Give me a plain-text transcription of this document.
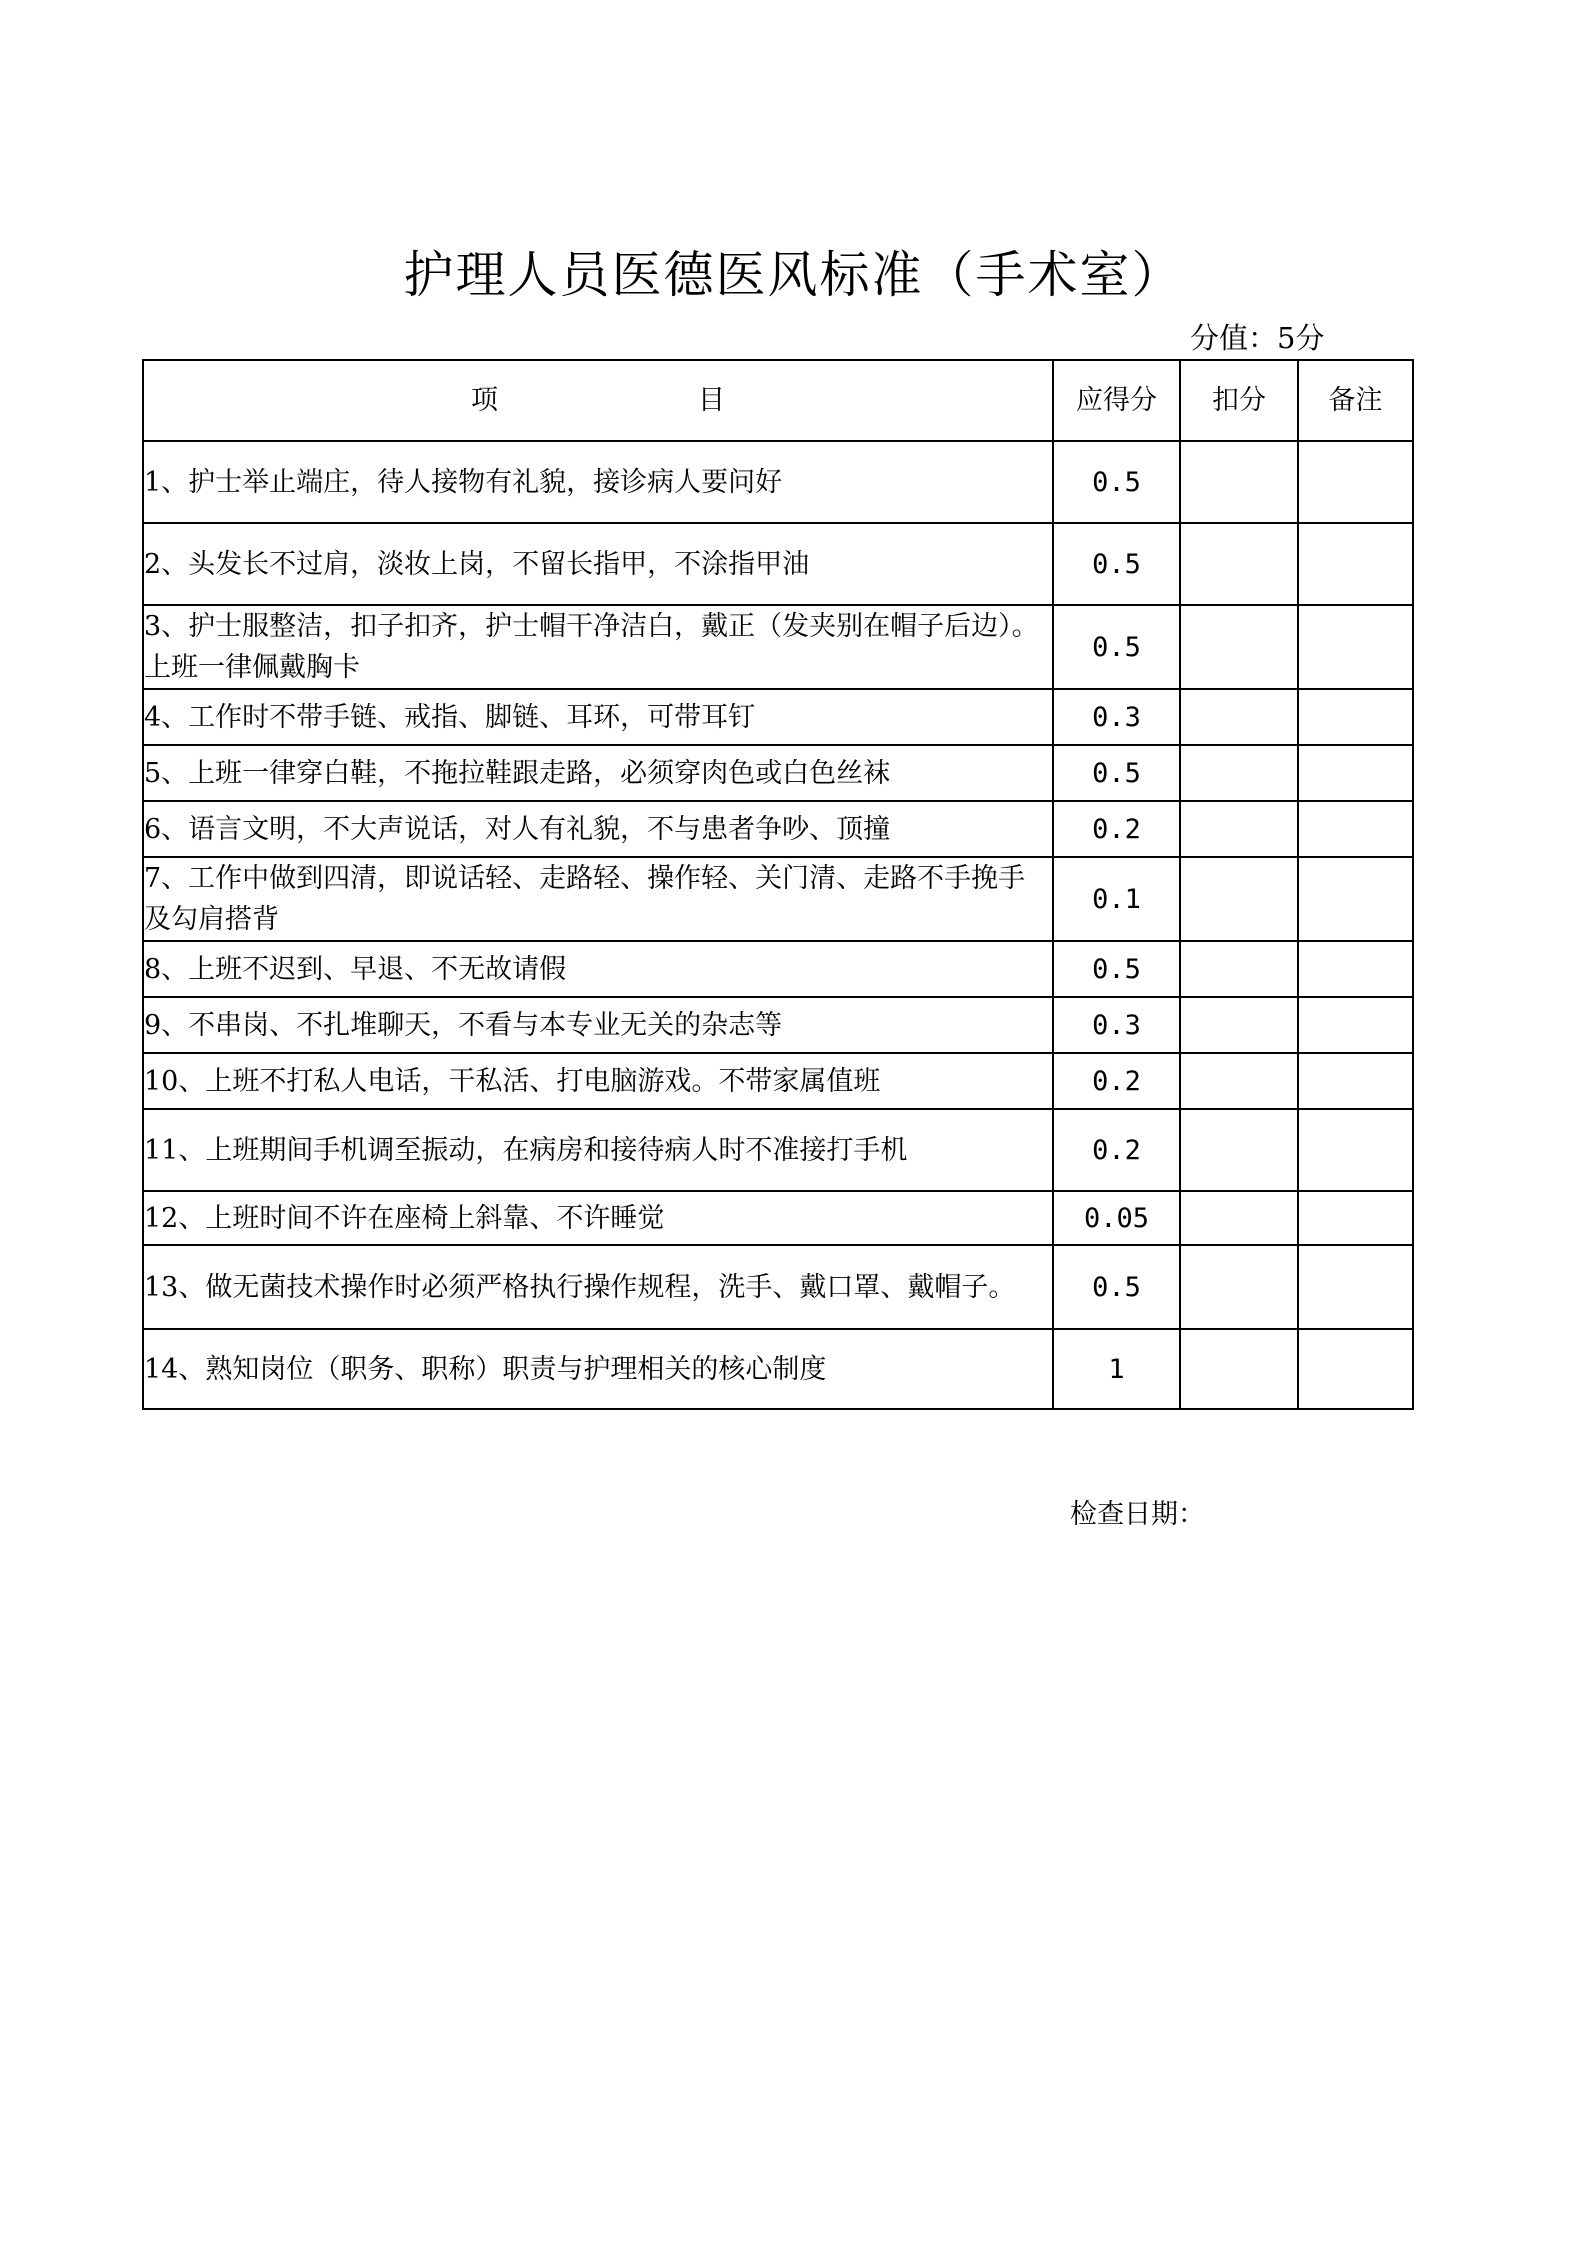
护理人员医德医风标准（手术室）
分值：5分
项 目	应得分	扣分	备注
1、护士举止端庄，待人接物有礼貌，接诊病人要问好	0.5		
2、头发长不过肩，淡妆上岗，不留长指甲，不涂指甲油	0.5		
3、护士服整洁，扣子扣齐，护士帽干净洁白，戴正（发夹别在帽子后边）。上班一律佩戴胸卡	0.5		
4、工作时不带手链、戒指、脚链、耳环，可带耳钉	0.3		
5、上班一律穿白鞋，不拖拉鞋跟走路，必须穿肉色或白色丝袜	0.5		
6、语言文明，不大声说话，对人有礼貌，不与患者争吵、顶撞	0.2		
7、工作中做到四清，即说话轻、走路轻、操作轻、关门清、走路不手挽手及勾肩搭背	0.1		
8、上班不迟到、早退、不无故请假	0.5		
9、不串岗、不扎堆聊天，不看与本专业无关的杂志等	0.3		
10、上班不打私人电话，干私活、打电脑游戏。不带家属值班	0.2		
11、上班期间手机调至振动，在病房和接待病人时不准接打手机	0.2		
12、上班时间不许在座椅上斜靠、不许睡觉	0.05		
13、做无菌技术操作时必须严格执行操作规程，洗手、戴口罩、戴帽子。	0.5		
14、熟知岗位（职务、职称）职责与护理相关的核心制度	1		
检查日期：
